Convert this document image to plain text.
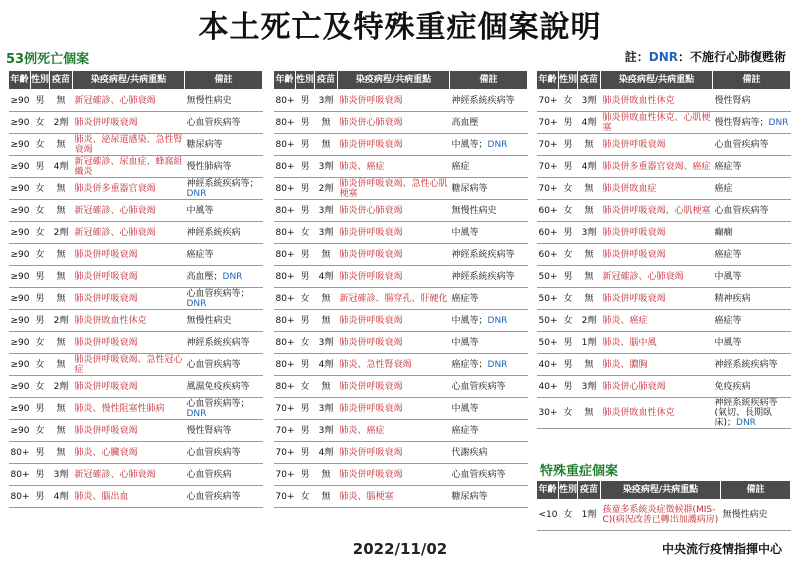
本土死亡及特殊重症個案說明
53例死亡個案	註：DNR：不施行心肺復甦術
年齡	性別	疫苗	染疫病程/共病重點	備註
≥90	男	無	新冠確診、心肺衰竭	無慢性病史
≥90	女	2劑	肺炎併呼吸衰竭	心血管疾病等
≥90	女	無	肺炎、泌尿道感染、急性腎衰竭	糖尿病等
≥90	男	4劑	新冠確診、尿血症、蜂窩組織炎	慢性肺病等
≥90	女	無	肺炎併多重器官衰竭	神經系統疾病等；DNR
≥90	女	無	新冠確診、心肺衰竭	中風等
≥90	女	2劑	新冠確診、心肺衰竭	神經系統疾病
≥90	女	無	肺炎併呼吸衰竭	癌症等
≥90	男	無	肺炎併呼吸衰竭	高血壓；DNR
≥90	男	無	肺炎併呼吸衰竭	心血管疾病等；DNR
≥90	男	2劑	肺炎併敗血性休克	無慢性病史
≥90	女	無	肺炎併呼吸衰竭	神經系統疾病等
≥90	女	無	肺炎併呼吸衰竭、急性冠心症	心血管疾病等
≥90	女	2劑	肺炎併呼吸衰竭	風濕免疫疾病等
≥90	男	無	肺炎、慢性阻塞性肺病	心血管疾病等；DNR
≥90	女	無	肺炎併呼吸衰竭	慢性腎病等
80+	男	無	肺炎、心臟衰竭	心血管疾病等
80+	男	3劑	新冠確診、心肺衰竭	心血管疾病
80+	男	4劑	肺炎、腦出血	心血管疾病等
年齡	性別	疫苗	染疫病程/共病重點	備註
80+	男	3劑	肺炎併呼吸衰竭	神經系統疾病等
80+	男	無	肺炎併心肺衰竭	高血壓
80+	男	無	肺炎併呼吸衰竭	中風等；DNR
80+	男	3劑	肺炎、癌症	癌症
80+	男	2劑	肺炎併呼吸衰竭、急性心肌梗塞	糖尿病等
80+	男	3劑	肺炎併心肺衰竭	無慢性病史
80+	女	3劑	肺炎併呼吸衰竭	中風等
80+	男	無	肺炎併呼吸衰竭	神經系統疾病等
80+	男	4劑	肺炎併呼吸衰竭	神經系統疾病等
80+	女	無	新冠確診、腸穿孔、肝硬化	癌症等
80+	男	無	肺炎併呼吸衰竭	中風等；DNR
80+	女	3劑	肺炎併呼吸衰竭	中風等
80+	男	4劑	肺炎、急性腎衰竭	癌症等；DNR
80+	女	無	肺炎併呼吸衰竭	心血管疾病等
70+	男	3劑	肺炎併呼吸衰竭	中風等
70+	男	3劑	肺炎、癌症	癌症等
70+	男	4劑	肺炎併呼吸衰竭	代謝疾病
70+	男	無	肺炎併呼吸衰竭	心血管疾病等
70+	女	無	肺炎、腦梗塞	糖尿病等
年齡	性別	疫苗	染疫病程/共病重點	備註
70+	女	3劑	肺炎併敗血性休克	慢性腎病
70+	男	4劑	肺炎併敗血性休克、心肌梗塞	慢性腎病等；DNR
70+	男	無	肺炎併呼吸衰竭	心血管疾病等
70+	男	4劑	肺炎併多重器官衰竭、癌症	癌症等
70+	女	無	肺炎併敗血症	癌症
60+	女	無	肺炎併呼吸衰竭、心肌梗塞	心血管疾病等
60+	男	3劑	肺炎併呼吸衰竭	癲癇
60+	女	無	肺炎併呼吸衰竭	癌症等
50+	男	無	新冠確診、心肺衰竭	中風等
50+	女	無	肺炎併呼吸衰竭	精神疾病
50+	女	2劑	肺炎、癌症	癌症等
50+	男	1劑	肺炎、腦中風	中風等
40+	男	無	肺炎、膿胸	神經系統疾病等
40+	男	3劑	肺炎併心肺衰竭	免疫疾病
30+	女	無	肺炎併敗血性休克	神經系統疾病等(氣切、長期臥床)；DNR
特殊重症個案
年齡	性別	疫苗	染疫病程/共病重點	備註
<10	女	1劑	孩童多系統炎症徵候群(MIS-C)(病況改善已轉出加護病房)	無慢性病史
2022/11/02	中央流行疫情指揮中心
